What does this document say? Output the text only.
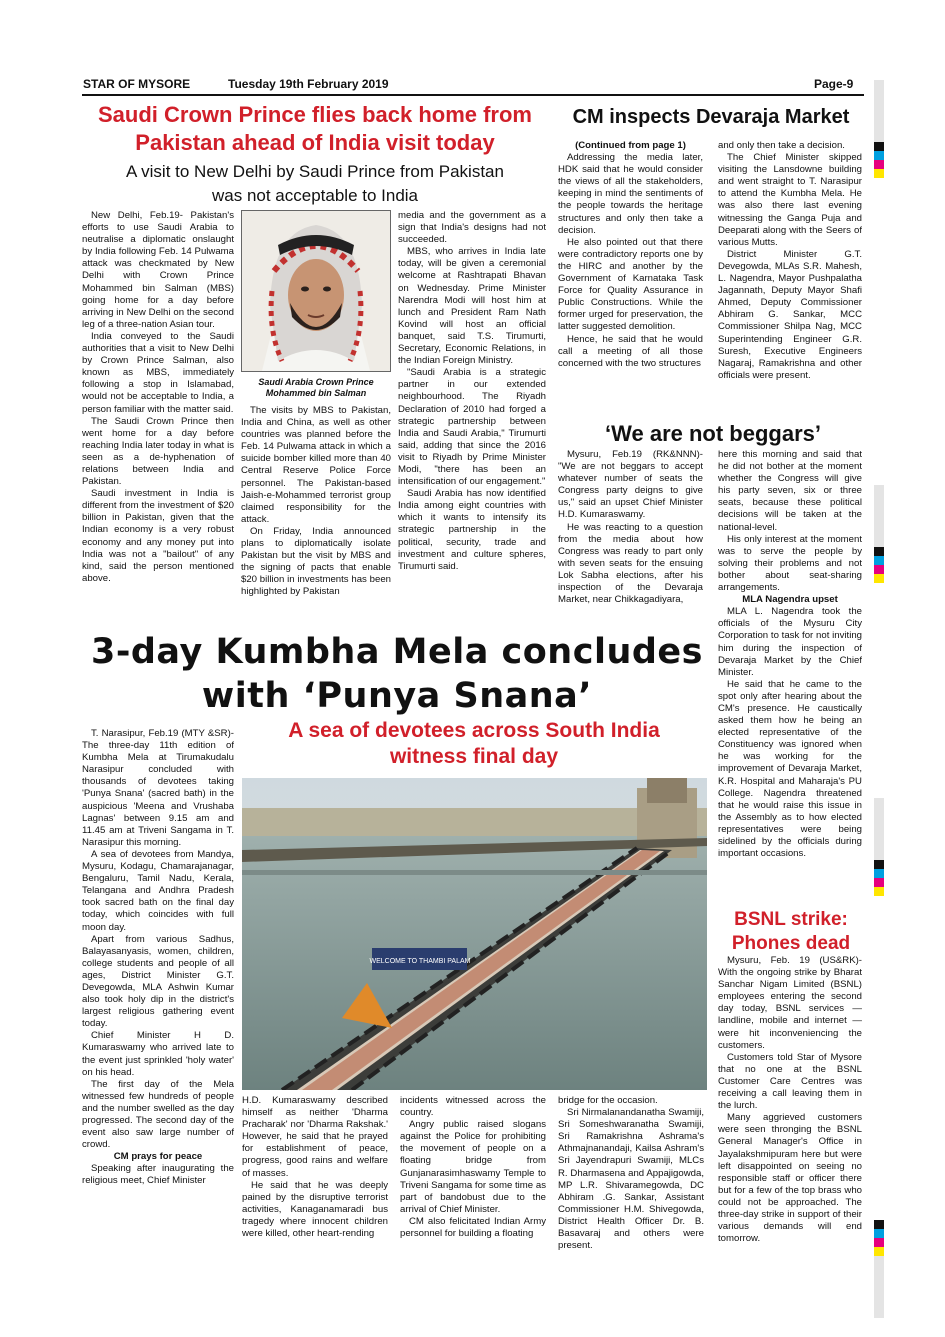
STAR OF MYSORE	Tuesday 19th February 2019	Page-9
Saudi Crown Prince flies back home from
Pakistan ahead of India visit today
A visit to New Delhi by Saudi Prince from Pakistan
was not acceptable to India

New Delhi, Feb.19- Pakistan's efforts to use Saudi Arabia to neutralise a diplomatic onslaught by India following Feb. 14 Pulwama attack was checkmated by New Delhi with Crown Prince Mohammed bin Salman (MBS) going home for a day before arriving in New Delhi on the second leg of a three-nation Asian tour.

India conveyed to the Saudi authorities that a visit to New Delhi by Crown Prince Salman, also known as MBS, immediately following a stop in Islamabad, would not be acceptable to India, a person familiar with the matter said.

The Saudi Crown Prince then went home for a day before reaching India later today in what is seen as a de-hyphenation of relations between India and Pakistan.

Saudi investment in India is different from the investment of $20 billion in Pakistan, given that the Indian economy is a very robust economy and any money put into India was not a "bailout" of any kind, said the person mentioned above.

Saudi Arabia Crown Prince
Mohammed bin Salman

The visits by MBS to Pakistan, India and China, as well as other countries was planned before the Feb. 14 Pulwama attack in which a suicide bomber killed more than 40 Central Reserve Police Force personnel. The Pakistan-based Jaish-e-Mohammed terrorist group claimed responsibility for the attack.

On Friday, India announced plans to diplomatically isolate Pakistan but the visit by MBS and the signing of pacts that enable $20 billion in investments has been highlighted by Pakistan

media and the government as a sign that India's designs had not succeeded.

MBS, who arrives in India late today, will be given a ceremonial welcome at Rashtrapati Bhavan on Wednesday. Prime Minister Narendra Modi will host him at lunch and President Ram Nath Kovind will host an official banquet, said T.S. Tirumurti, Secretary, Economic Relations, in the Indian Foreign Ministry.

"Saudi Arabia is a strategic partner in our extended neighbourhood. The Riyadh Declaration of 2010 had forged a strategic partnership between India and Saudi Arabia," Tirumurti said, adding that since the 2016 visit to Riyadh by Prime Minister Modi, "there has been an intensification of our engagement."

Saudi Arabia has now identified India among eight countries with which it wants to intensify its strategic partnership in the political, security, trade and investment and culture spheres, Tirumurti said.

CM inspects Devaraja Market

(Continued from page 1)

Addressing the media later, HDK said that he would consider the views of all the stakeholders, keeping in mind the sentiments of the people towards the heritage structures and only then take a decision.

He also pointed out that there were contradictory reports one by the HIRC and another by the Government of Karnataka Task Force for Quality Assurance in Public Constructions. While the former urged for preservation, the latter suggested demolition.

Hence, he said that he would call a meeting of all those concerned with the two structures

and only then take a decision.

The Chief Minister skipped visiting the Lansdowne building and went straight to T. Narasipur to attend the Kumbha Mela. He was also there last evening witnessing the Ganga Puja and Deeparati along with the Seers of various Mutts.

District Minister G.T. Devegowda, MLAs S.R. Mahesh, L. Nagendra, Mayor Pushpalatha Jagannath, Deputy Mayor Shafi Ahmed, Deputy Commissioner Abhiram G. Sankar, MCC Commissioner Shilpa Nag, MCC Superintending Engineer G.R. Suresh, Executive Engineers Nagaraj, Ramakrishna and other officials were present.

‘We are not beggars’

Mysuru, Feb.19 (RK&NNN)- "We are not beggars to accept whatever number of seats the Congress party deigns to give us," said an upset Chief Minister H.D. Kumaraswamy.

He was reacting to a question from the media about how Congress was ready to part only with seven seats for the ensuing Lok Sabha elections, after his inspection of the Devaraja Market, near Chikkagadiyara,

here this morning and said that he did not bother at the moment whether the Congress will give his party seven, six or three seats, because these political decisions will be taken at the national-level.

His only interest at the moment was to serve the people by solving their problems and not bother about seat-sharing arrangements.

MLA Nagendra upset

MLA L. Nagendra took the officials of the Mysuru City Corporation to task for not inviting him during the inspection of Devaraja Market by the Chief Minister.

He said that he came to the spot only after hearing about the CM's presence. He caustically asked them how he being an elected representative of the Constituency was ignored when he was working for the improvement of Devaraja Market, K.R. Hospital and Maharaja's PU College. Nagendra threatened that he would raise this issue in the Assembly as to how elected representatives were being sidelined by the officials during important occasions.

3-day Kumbha Mela concludes
with ‘Punya Snana’
A sea of devotees across South India
witness final day

T. Narasipur, Feb.19 (MTY &SR)- The three-day 11th edition of Kumbha Mela at Tirumakudalu Narasipur concluded with thousands of devotees taking 'Punya Snana' (sacred bath) in the auspicious 'Meena and Vrushaba Lagnas' between 9.15 am and 11.45 am at Triveni Sangama in T. Narasipur this morning.

A sea of devotees from Mandya, Mysuru, Kodagu, Chamarajanagar, Bengaluru, Tamil Nadu, Kerala, Telangana and Andhra Pradesh took sacred bath on the final day today, which coincides with full moon day.

Apart from various Sadhus, Balayasanyasis, women, children, college students and people of all ages, District Minister G.T. Devegowda, MLA Ashwin Kumar also took holy dip in the district's largest religious gathering event today.

Chief Minister H D. Kumaraswamy who arrived late to the event just sprinkled 'holy water' on his head.

The first day of the Mela witnessed few hundreds of people and the number swelled as the day progressed. The second day of the event also saw large number of crowd.

CM prays for peace

Speaking after inaugurating the religious meet, Chief Minister

WELCOME TO THAMBI PALAM

H.D. Kumaraswamy described himself as neither 'Dharma Pracharak' nor 'Dharma Rakshak.' However, he said that he prayed for establishment of peace, progress, good rains and welfare of masses.

He said that he was deeply pained by the disruptive terrorist activities, Kanaganamaradi bus tragedy where innocent children were killed, other heart-rending

incidents witnessed across the country.

Angry public raised slogans against the Police for prohibiting the movement of people on a floating bridge from Gunjanarasimhaswamy Temple to Triveni Sangama for some time as part of bandobust due to the arrival of Chief Minister.

CM also felicitated Indian Army personnel for building a floating

bridge for the occasion.

Sri Nirmalanandanatha Swamiji, Sri Someshwaranatha Swamiji, Sri Ramakrishna Ashrama's Athmajnanandaji, Kailsa Ashram's Sri Jayendrapuri Swamiji, MLCs R. Dharmasena and Appajigowda, MP L.R. Shivaramegowda, DC Abhiram .G. Sankar, Assistant Commissioner H.M. Shivegowda, District Health Officer Dr. B. Basavaraj and others were present.

BSNL strike:
Phones dead

Mysuru, Feb. 19 (US&RK)- With the ongoing strike by Bharat Sanchar Nigam Limited (BSNL) employees entering the second day today, BSNL services — landline, mobile and internet — were hit inconveniencing the customers.

Customers told Star of Mysore that no one at the BSNL Customer Care Centres was receiving a call leaving them in the lurch.

Many aggrieved customers were seen thronging the BSNL General Manager's Office in Jayalakshmipuram here but were left disappointed on seeing no responsible staff or officer there but for a few of the top brass who could not be approached. The three-day strike in support of their various demands will end tomorrow.
